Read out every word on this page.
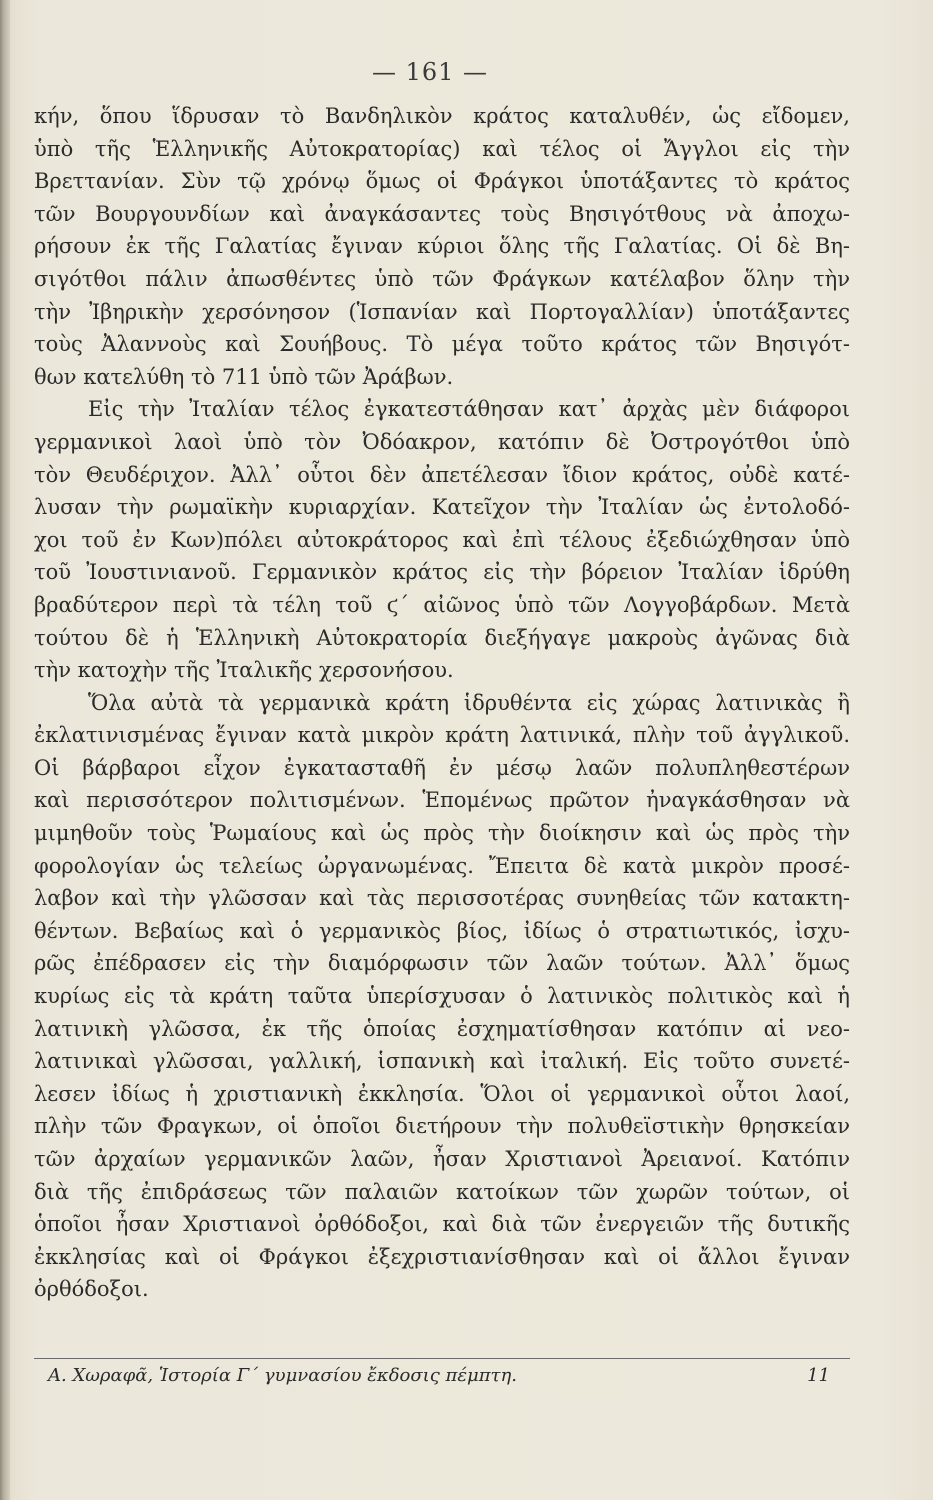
— 161 —
κήν, ὅπου ἵδρυσαν τὸ Βανδηλικὸν κράτος καταλυθέν, ὡς εἴδομεν,
ὑπὸ τῆς Ἑλληνικῆς Αὐτοκρατορίας) καὶ τέλος οἱ Ἄγγλοι εἰς τὴν
Βρεττανίαν. Σὺν τῷ χρόνῳ ὅμως οἱ Φράγκοι ὑποτάξαντες τὸ κράτος
τῶν Βουργουνδίων καὶ ἀναγκάσαντες τοὺς Βησιγότθους νὰ ἀποχω-
ρήσουν ἐκ τῆς Γαλατίας ἔγιναν κύριοι ὅλης τῆς Γαλατίας. Οἱ δὲ Βη-
σιγότθοι πάλιν ἀπωσθέντες ὑπὸ τῶν Φράγκων κατέλαβον ὅλην τὴν
τὴν Ἰβηρικὴν χερσόνησον (Ἱσπανίαν καὶ Πορτογαλλίαν) ὑποτάξαντες
τοὺς Ἀλαννοὺς καὶ Σουήβους. Τὸ μέγα τοῦτο κράτος τῶν Βησιγότ-
θων κατελύθη τὸ 711 ὑπὸ τῶν Ἀράβων.
Εἰς τὴν Ἰταλίαν τέλος ἐγκατεστάθησαν κατ᾽ ἀρχὰς μὲν διάφοροι
γερμανικοὶ λαοὶ ὑπὸ τὸν Ὀδόακρον, κατόπιν δὲ Ὀστρογότθοι ὑπὸ
τὸν Θευδέριχον. Ἀλλ᾽ οὗτοι δὲν ἀπετέλεσαν ἴδιον κράτος, οὐδὲ κατέ-
λυσαν τὴν ρωμαϊκὴν κυριαρχίαν. Κατεῖχον τὴν Ἰταλίαν ὡς ἐντολοδό-
χοι τοῦ ἐν Κων)πόλει αὐτοκράτορος καὶ ἐπὶ τέλους ἐξεδιώχθησαν ὑπὸ
τοῦ Ἰουστινιανοῦ. Γερμανικὸν κράτος εἰς τὴν βόρειον Ἰταλίαν ἱδρύθη
βραδύτερον περὶ τὰ τέλη τοῦ ϛ΄ αἰῶνος ὑπὸ τῶν Λογγοβάρδων. Μετὰ
τούτου δὲ ἡ Ἑλληνικὴ Αὐτοκρατορία διεξήγαγε μακροὺς ἀγῶνας διὰ
τὴν κατοχὴν τῆς Ἰταλικῆς χερσονήσου.
Ὅλα αὐτὰ τὰ γερμανικὰ κράτη ἱδρυθέντα εἰς χώρας λατινικὰς ἢ
ἐκλατινισμένας ἔγιναν κατὰ μικρὸν κράτη λατινικά, πλὴν τοῦ ἀγγλικοῦ.
Οἱ βάρβαροι εἶχον ἐγκατασταθῆ ἐν μέσῳ λαῶν πολυπληθεστέρων
καὶ περισσότερον πολιτισμένων. Ἑπομένως πρῶτον ἠναγκάσθησαν νὰ
μιμηθοῦν τοὺς Ῥωμαίους καὶ ὡς πρὸς τὴν διοίκησιν καὶ ὡς πρὸς τὴν
φορολογίαν ὡς τελείως ὠργανωμένας. Ἔπειτα δὲ κατὰ μικρὸν προσέ-
λαβον καὶ τὴν γλῶσσαν καὶ τὰς περισσοτέρας συνηθείας τῶν κατακτη-
θέντων. Βεβαίως καὶ ὁ γερμανικὸς βίος, ἰδίως ὁ στρατιωτικός, ἰσχυ-
ρῶς ἐπέδρασεν εἰς τὴν διαμόρφωσιν τῶν λαῶν τούτων. Ἀλλ᾽ ὅμως
κυρίως εἰς τὰ κράτη ταῦτα ὑπερίσχυσαν ὁ λατινικὸς πολιτικὸς καὶ ἡ
λατινικὴ γλῶσσα, ἐκ τῆς ὁποίας ἐσχηματίσθησαν κατόπιν αἱ νεο-
λατινικαὶ γλῶσσαι, γαλλική, ἱσπανικὴ καὶ ἰταλική. Εἰς τοῦτο συνετέ-
λεσεν ἰδίως ἡ χριστιανικὴ ἐκκλησία. Ὅλοι οἱ γερμανικοὶ οὗτοι λαοί,
πλὴν τῶν Φραγκων, οἱ ὁποῖοι διετήρουν τὴν πολυθεϊστικὴν θρησκείαν
τῶν ἀρχαίων γερμανικῶν λαῶν, ἦσαν Χριστιανοὶ Ἀρειανοί. Κατόπιν
διὰ τῆς ἐπιδράσεως τῶν παλαιῶν κατοίκων τῶν χωρῶν τούτων, οἱ
ὁποῖοι ἦσαν Χριστιανοὶ ὀρθόδοξοι, καὶ διὰ τῶν ἐνεργειῶν τῆς δυτικῆς
ἐκκλησίας καὶ οἱ Φράγκοι ἐξεχριστιανίσθησαν καὶ οἱ ἄλλοι ἔγιναν
ὀρθόδοξοι.
Α. Χωραφᾶ, Ἱστορία Γ΄ γυμνασίου ἔκδοσις πέμπτη.	11
